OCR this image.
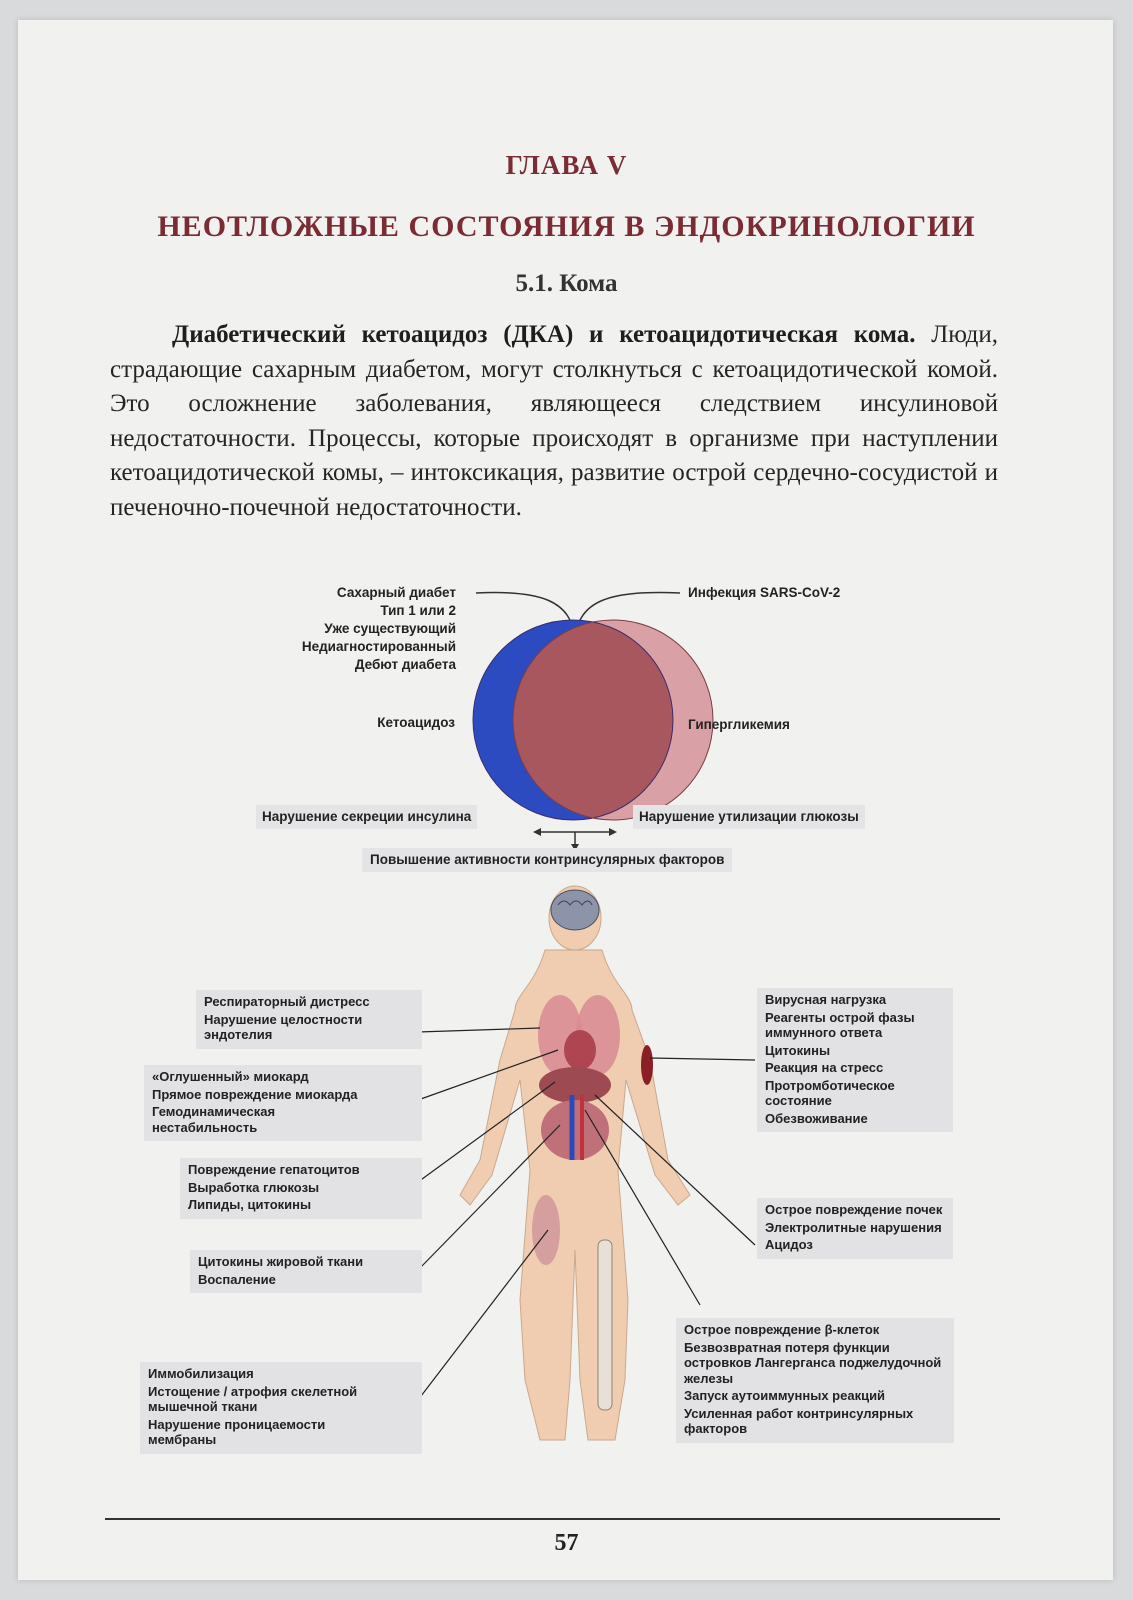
ГЛАВА V
НЕОТЛОЖНЫЕ СОСТОЯНИЯ В ЭНДОКРИНОЛОГИИ
5.1. Кома
Диабетический кетоацидоз (ДКА) и кетоацидотическая кома. Люди, страдающие сахарным диабетом, могут столкнуться с кетоацидотической комой. Это осложнение заболевания, являющееся следствием инсулиновой недостаточности. Процессы, которые происходят в организме при наступлении кетоацидотической комы, – интоксикация, развитие острой сердечно-сосудистой и печеночно-почечной недостаточности.
Сахарный диабет
Тип 1 или 2
Уже существующий
Недиагностированный
Дебют диабета
Инфекция SARS-CoV-2
Кетоацидоз	Гипергликемия
Нарушение секреции инсулина	Нарушение утилизации глюкозы
Повышение активности контринсулярных факторов
Респираторный дистресс
Нарушение целостности эндотелия
«Оглушенный» миокард
Прямое повреждение миокарда
Гемодинамическая нестабильность
Повреждение гепатоцитов
Выработка глюкозы
Липиды, цитокины
Цитокины жировой ткани
Воспаление
Иммобилизация
Истощение / атрофия скелетной мышечной ткани
Нарушение проницаемости мембраны
Вирусная нагрузка
Реагенты острой фазы иммунного ответа
Цитокины
Реакция на стресс
Протромботическое состояние
Обезвоживание
Острое повреждение почек
Электролитные нарушения
Ацидоз
Острое повреждение β-клеток
Безвозвратная потеря функции островков Лангерганса поджелудочной железы
Запуск аутоиммунных реакций
Усиленная работ контринсулярных факторов
57
